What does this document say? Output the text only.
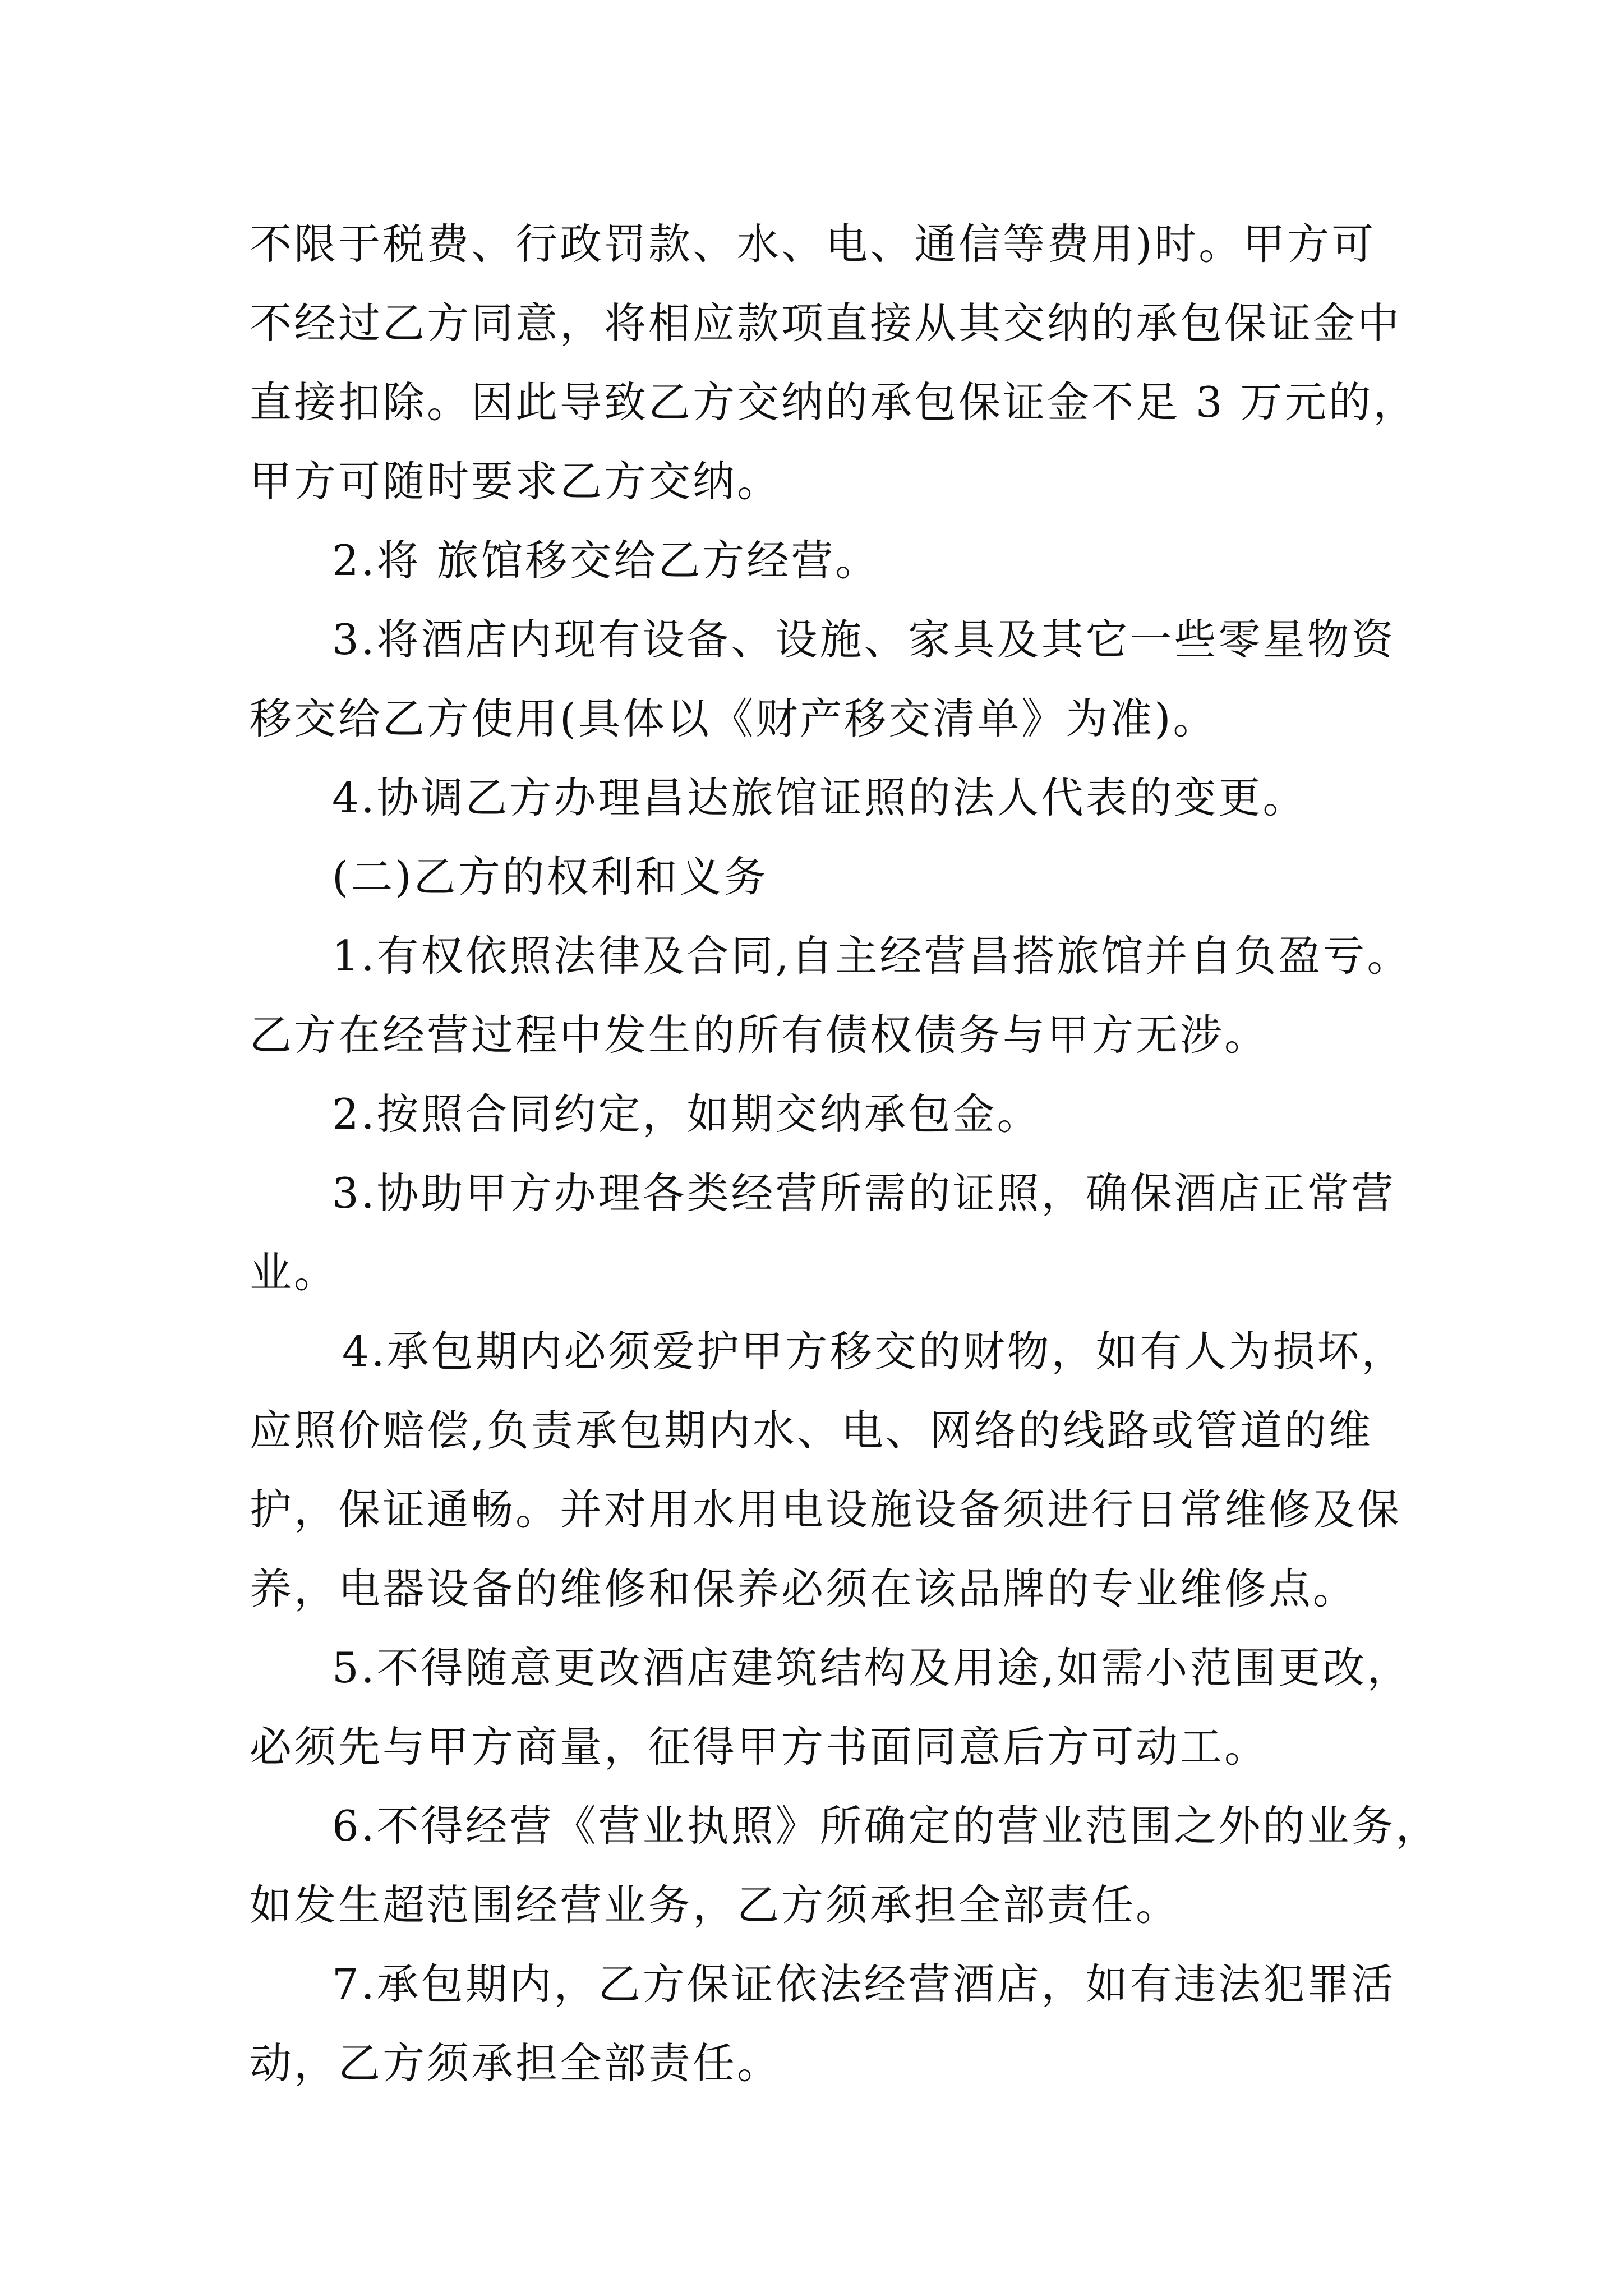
不限于税费、行政罚款、水、电、通信等费用)时。甲方可
不经过乙方同意，将相应款项直接从其交纳的承包保证金中
直接扣除。因此导致乙方交纳的承包保证金不足 3 万元的，
甲方可随时要求乙方交纳。
2.将 旅馆移交给乙方经营。
3.将酒店内现有设备、设施、家具及其它一些零星物资
移交给乙方使用(具体以《财产移交清单》为准)。
4.协调乙方办理昌达旅馆证照的法人代表的变更。
(二)乙方的权利和义务
1.有权依照法律及合同,自主经营昌搭旅馆并自负盈亏。
乙方在经营过程中发生的所有债权债务与甲方无涉。
2.按照合同约定，如期交纳承包金。
3.协助甲方办理各类经营所需的证照，确保酒店正常营
业。
4.承包期内必须爱护甲方移交的财物，如有人为损坏，
应照价赔偿,负责承包期内水、电、网络的线路或管道的维
护，保证通畅。并对用水用电设施设备须进行日常维修及保
养，电器设备的维修和保养必须在该品牌的专业维修点。
5.不得随意更改酒店建筑结构及用途,如需小范围更改，
必须先与甲方商量，征得甲方书面同意后方可动工。
6.不得经营《营业执照》所确定的营业范围之外的业务，
如发生超范围经营业务，乙方须承担全部责任。
7.承包期内，乙方保证依法经营酒店，如有违法犯罪活
动，乙方须承担全部责任。
